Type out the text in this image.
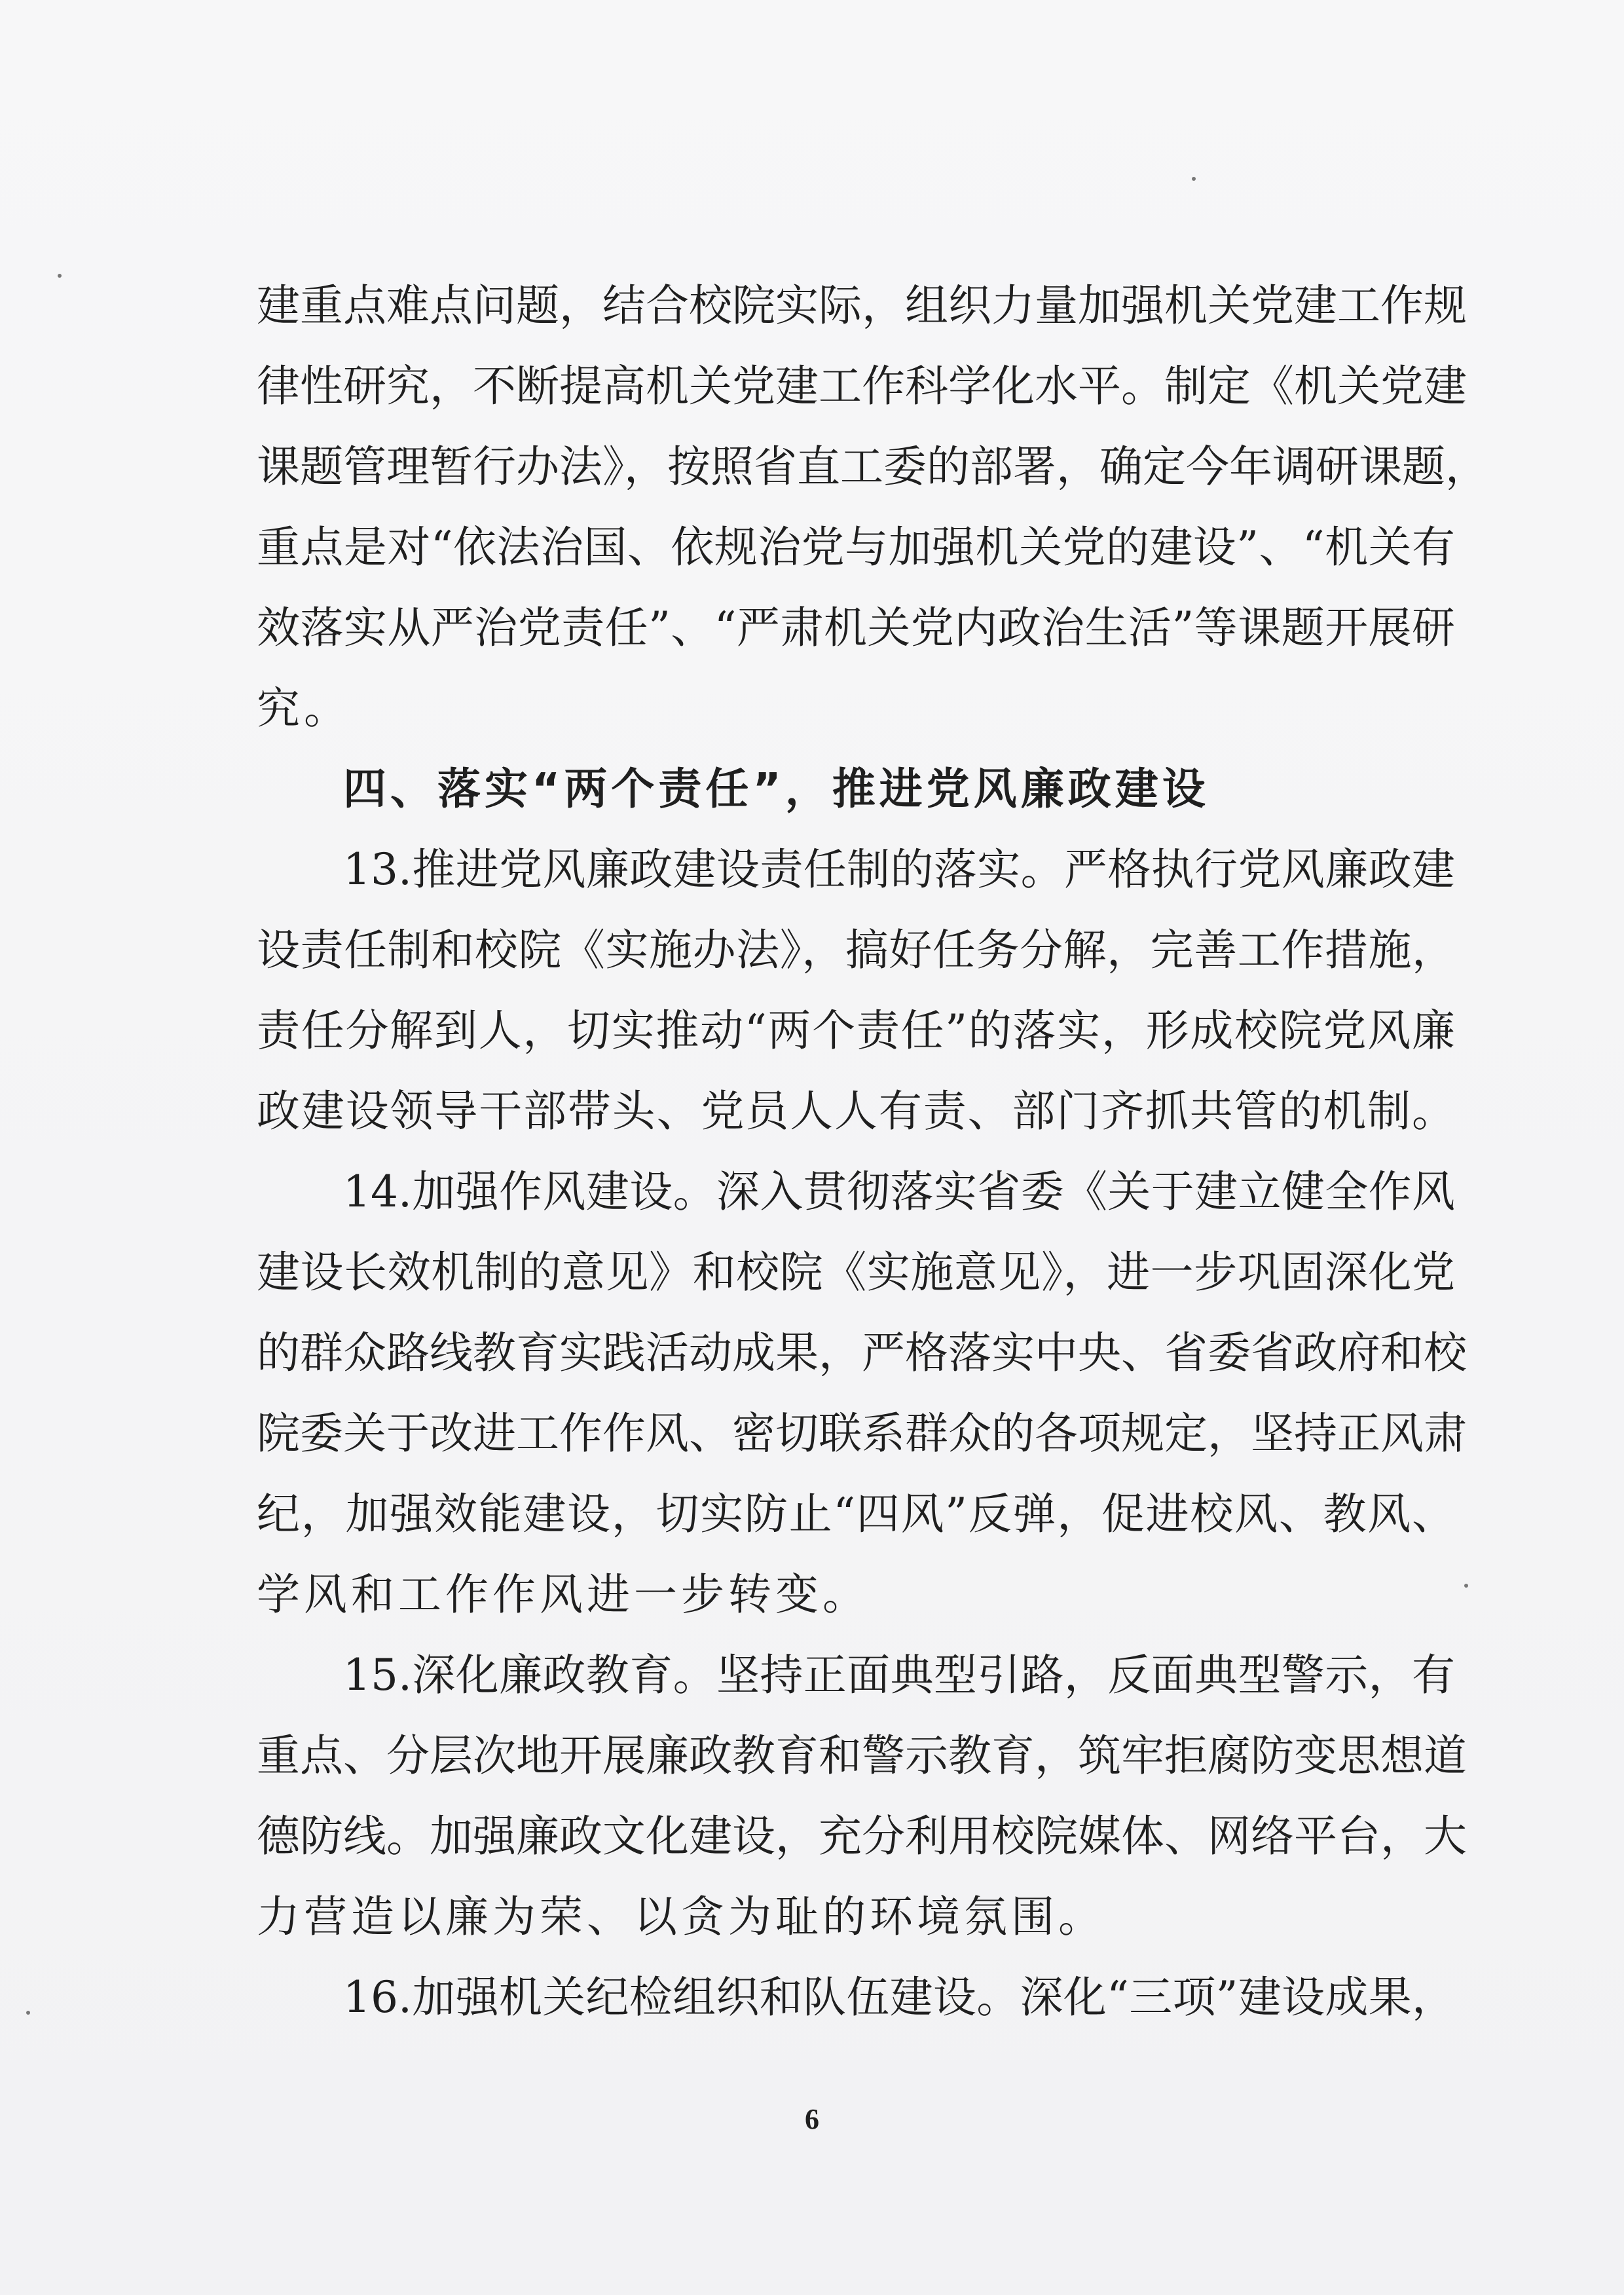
建重点难点问题，结合校院实际，组织力量加强机关党建工作规
律性研究，不断提高机关党建工作科学化水平。制定《机关党建
课题管理暂行办法》，按照省直工委的部署，确定今年调研课题，
重点是对“依法治国、依规治党与加强机关党的建设”、“机关有
效落实从严治党责任”、“严肃机关党内政治生活”等课题开展研
究。
四、落实“两个责任”，推进党风廉政建设
13.推进党风廉政建设责任制的落实。严格执行党风廉政建
设责任制和校院《实施办法》，搞好任务分解，完善工作措施，
责任分解到人，切实推动“两个责任”的落实，形成校院党风廉
政建设领导干部带头、党员人人有责、部门齐抓共管的机制。
14.加强作风建设。深入贯彻落实省委《关于建立健全作风
建设长效机制的意见》和校院《实施意见》，进一步巩固深化党
的群众路线教育实践活动成果，严格落实中央、省委省政府和校
院委关于改进工作作风、密切联系群众的各项规定，坚持正风肃
纪，加强效能建设，切实防止“四风”反弹，促进校风、教风、
学风和工作作风进一步转变。
15.深化廉政教育。坚持正面典型引路，反面典型警示，有
重点、分层次地开展廉政教育和警示教育，筑牢拒腐防变思想道
德防线。加强廉政文化建设，充分利用校院媒体、网络平台，大
力营造以廉为荣、以贪为耻的环境氛围。
16.加强机关纪检组织和队伍建设。深化“三项”建设成果，
6
